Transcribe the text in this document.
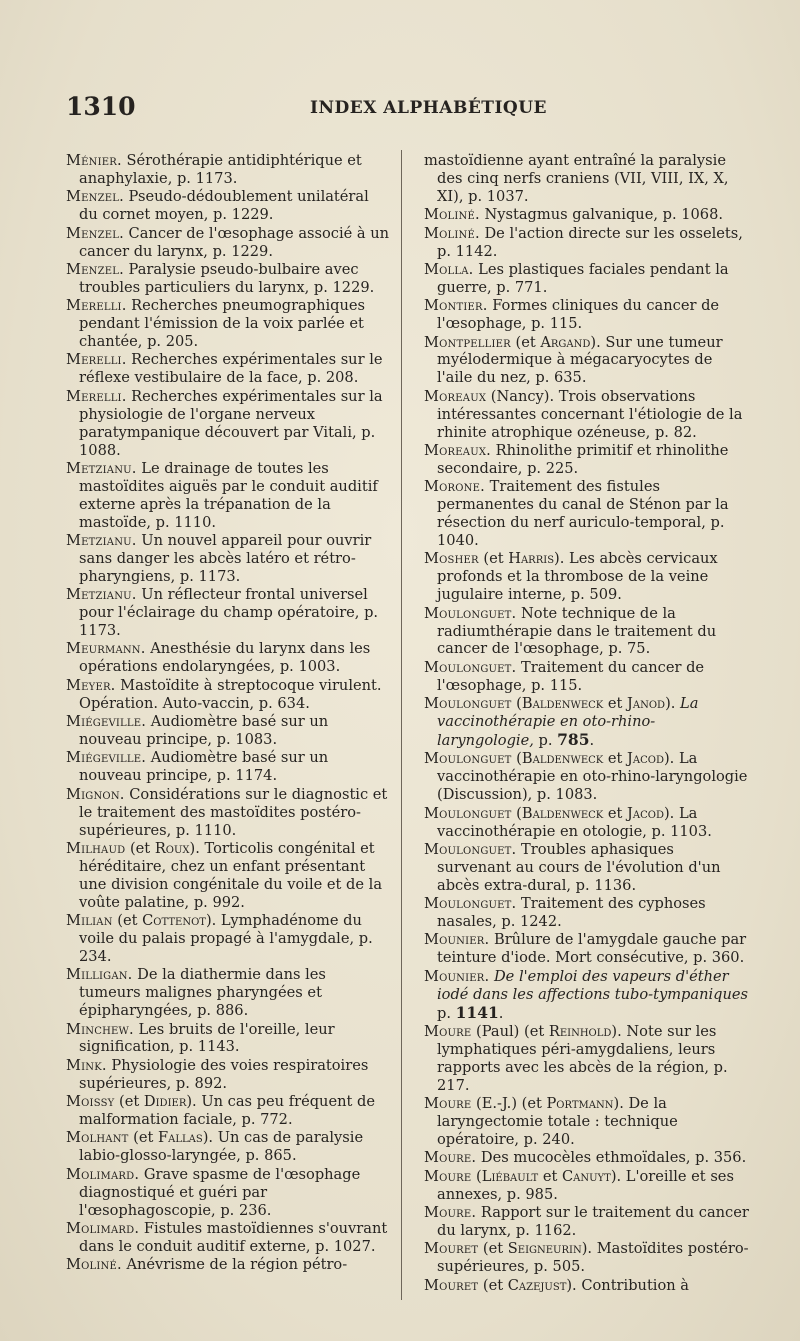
1310	INDEX ALPHABÉTIQUE

Ménier. Sérothérapie antidiphtérique et anaphylaxie, p. 1173.

Menzel. Pseudo-dédoublement unilatéral du cornet moyen, p. 1229.

Menzel. Cancer de l'œsophage associé à un cancer du larynx, p. 1229.

Menzel. Paralysie pseudo-bulbaire avec troubles particuliers du larynx, p. 1229.

Merelli. Recherches pneumographiques pendant l'émission de la voix parlée et chantée, p. 205.

Merelli. Recherches expérimentales sur le réflexe vestibulaire de la face, p. 208.

Merelli. Recherches expérimentales sur la physiologie de l'organe nerveux paratympanique découvert par Vitali, p. 1088.

Metzianu. Le drainage de toutes les mastoïdites aiguës par le conduit auditif externe après la trépanation de la mastoïde, p. 1110.

Metzianu. Un nouvel appareil pour ouvrir sans danger les abcès latéro et rétro-pharyngiens, p. 1173.

Metzianu. Un réflecteur frontal universel pour l'éclairage du champ opératoire, p. 1173.

Meurmann. Anesthésie du larynx dans les opérations endolaryngées, p. 1003.

Meyer. Mastoïdite à streptocoque virulent. Opération. Auto-vaccin, p. 634.

Miégeville. Audiomètre basé sur un nouveau principe, p. 1083.

Miégeville. Audiomètre basé sur un nouveau principe, p. 1174.

Mignon. Considérations sur le diagnostic et le traitement des mastoïdites postéro-supérieures, p. 1110.

Milhaud (et Roux). Torticolis congénital et héréditaire, chez un enfant présentant une division congénitale du voile et de la voûte palatine, p. 992.

Milian (et Cottenot). Lymphadénome du voile du palais propagé à l'amygdale, p. 234.

Milligan. De la diathermie dans les tumeurs malignes pharyngées et épipharyngées, p. 886.

Minchew. Les bruits de l'oreille, leur signification, p. 1143.

Mink. Physiologie des voies respiratoires supérieures, p. 892.

Moissy (et Didier). Un cas peu fréquent de malformation faciale, p. 772.

Molhant (et Fallas). Un cas de paralysie labio-glosso-laryngée, p. 865.

Molimard. Grave spasme de l'œsophage diagnostiqué et guéri par l'œsophagoscopie, p. 236.

Molimard. Fistules mastoïdiennes s'ouvrant dans le conduit auditif externe, p. 1027.

Moliné. Anévrisme de la région pétro-

mastoïdienne ayant entraîné la paralysie des cinq nerfs craniens (VII, VIII, IX, X, XI), p. 1037.

Moliné. Nystagmus galvanique, p. 1068.

Moliné. De l'action directe sur les osselets, p. 1142.

Molla. Les plastiques faciales pendant la guerre, p. 771.

Montier. Formes cliniques du cancer de l'œsophage, p. 115.

Montpellier (et Argand). Sur une tumeur myélodermique à mégacaryocytes de l'aile du nez, p. 635.

Moreaux (Nancy). Trois observations intéressantes concernant l'étiologie de la rhinite atrophique ozéneuse, p. 82.

Moreaux. Rhinolithe primitif et rhinolithe secondaire, p. 225.

Morone. Traitement des fistules permanentes du canal de Sténon par la résection du nerf auriculo-temporal, p. 1040.

Mosher (et Harris). Les abcès cervicaux profonds et la thrombose de la veine jugulaire interne, p. 509.

Moulonguet. Note technique de la radiumthérapie dans le traitement du cancer de l'œsophage, p. 75.

Moulonguet. Traitement du cancer de l'œsophage, p. 115.

Moulonguet (Baldenweck et Janod). La vaccinothérapie en oto-rhino-laryngologie, p. 785.

Moulonguet (Baldenweck et Jacod). La vaccinothérapie en oto-rhino-laryngologie (Discussion), p. 1083.

Moulonguet (Baldenweck et Jacod). La vaccinothérapie en otologie, p. 1103.

Moulonguet. Troubles aphasiques survenant au cours de l'évolution d'un abcès extra-dural, p. 1136.

Moulonguet. Traitement des cyphoses nasales, p. 1242.

Mounier. Brûlure de l'amygdale gauche par teinture d'iode. Mort consécutive, p. 360.

Mounier. De l'emploi des vapeurs d'éther iodé dans les affections tubo-tympaniques p. 1141.

Moure (Paul) (et Reinhold). Note sur les lymphatiques péri-amygdaliens, leurs rapports avec les abcès de la région, p. 217.

Moure (E.-J.) (et Portmann). De la laryngectomie totale : technique opératoire, p. 240.

Moure. Des mucocèles ethmoïdales, p. 356.

Moure (Liébault et Canuyt). L'oreille et ses annexes, p. 985.

Moure. Rapport sur le traitement du cancer du larynx, p. 1162.

Mouret (et Seigneurin). Mastoïdites postéro-supérieures, p. 505.

Mouret (et Cazejust). Contribution à
